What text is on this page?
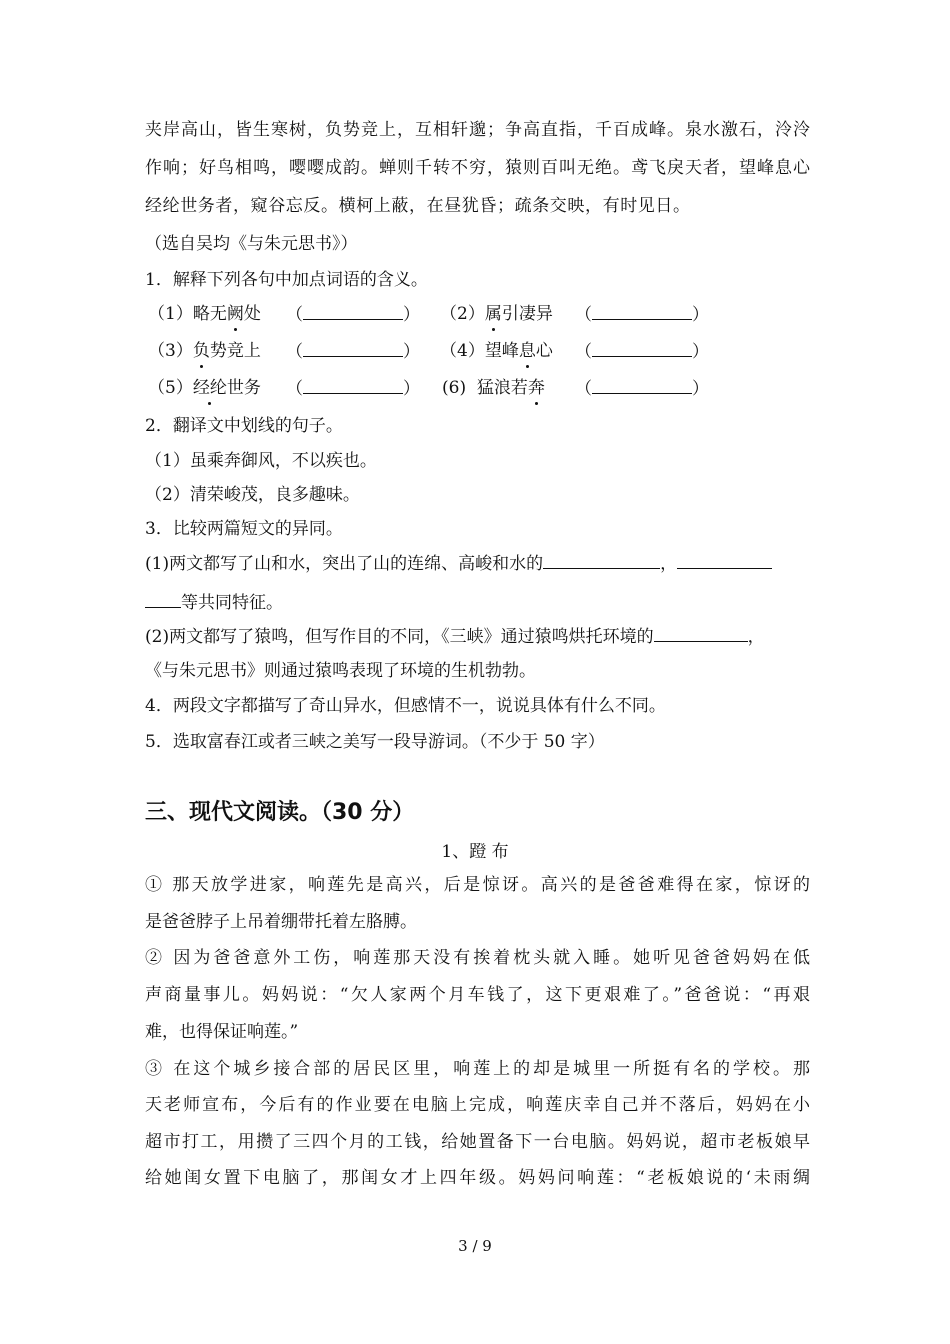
夹岸高山，皆生寒树，负势竞上，互相轩邈；争高直指，千百成峰。泉水激石，泠泠
作响；好鸟相鸣，嘤嘤成韵。蝉则千转不穷，猿则百叫无绝。鸢飞戾天者，望峰息心
经纶世务者，窥谷忘反。横柯上蔽，在昼犹昏；疏条交映，有时见日。
（选自吴均《与朱元思书》）
1．解释下列各句中加点词语的含义。
（1）略无阙处 （	） （2）属引凄异 （	）
（3）负势竞上 （	） （4）望峰息心 （	）
（5）经纶世务 （	） (6) 猛浪若奔 （	）
2．翻译文中划线的句子。
（1）虽乘奔御风，不以疾也。
（2）清荣峻茂，良多趣味。
3．比较两篇短文的异同。
(1)两文都写了山和水，突出了山的连绵、高峻和水的	，
等共同特征。
(2)两文都写了猿鸣，但写作目的不同，《三峡》通过猿鸣烘托环境的	，
《与朱元思书》则通过猿鸣表现了环境的生机勃勃。
4．两段文字都描写了奇山异水，但感情不一，说说具体有什么不同。
5．选取富春江或者三峡之美写一段导游词。（不少于 50 字）
三、现代文阅读。（30 分）
1、蹬 布
① 那天放学进家，响莲先是高兴，后是惊讶。高兴的是爸爸难得在家，惊讶的
是爸爸脖子上吊着绷带托着左胳膊。
② 因为爸爸意外工伤，响莲那天没有挨着枕头就入睡。她听见爸爸妈妈在低
声商量事儿。妈妈说：“欠人家两个月车钱了，这下更艰难了。”爸爸说：“再艰
难，也得保证响莲。”
③ 在这个城乡接合部的居民区里，响莲上的却是城里一所挺有名的学校。那
天老师宣布，今后有的作业要在电脑上完成，响莲庆幸自己并不落后，妈妈在小
超市打工，用攒了三四个月的工钱，给她置备下一台电脑。妈妈说，超市老板娘早
给她闺女置下电脑了，那闺女才上四年级。妈妈问响莲：“老板娘说的‘未雨绸
3 / 9
